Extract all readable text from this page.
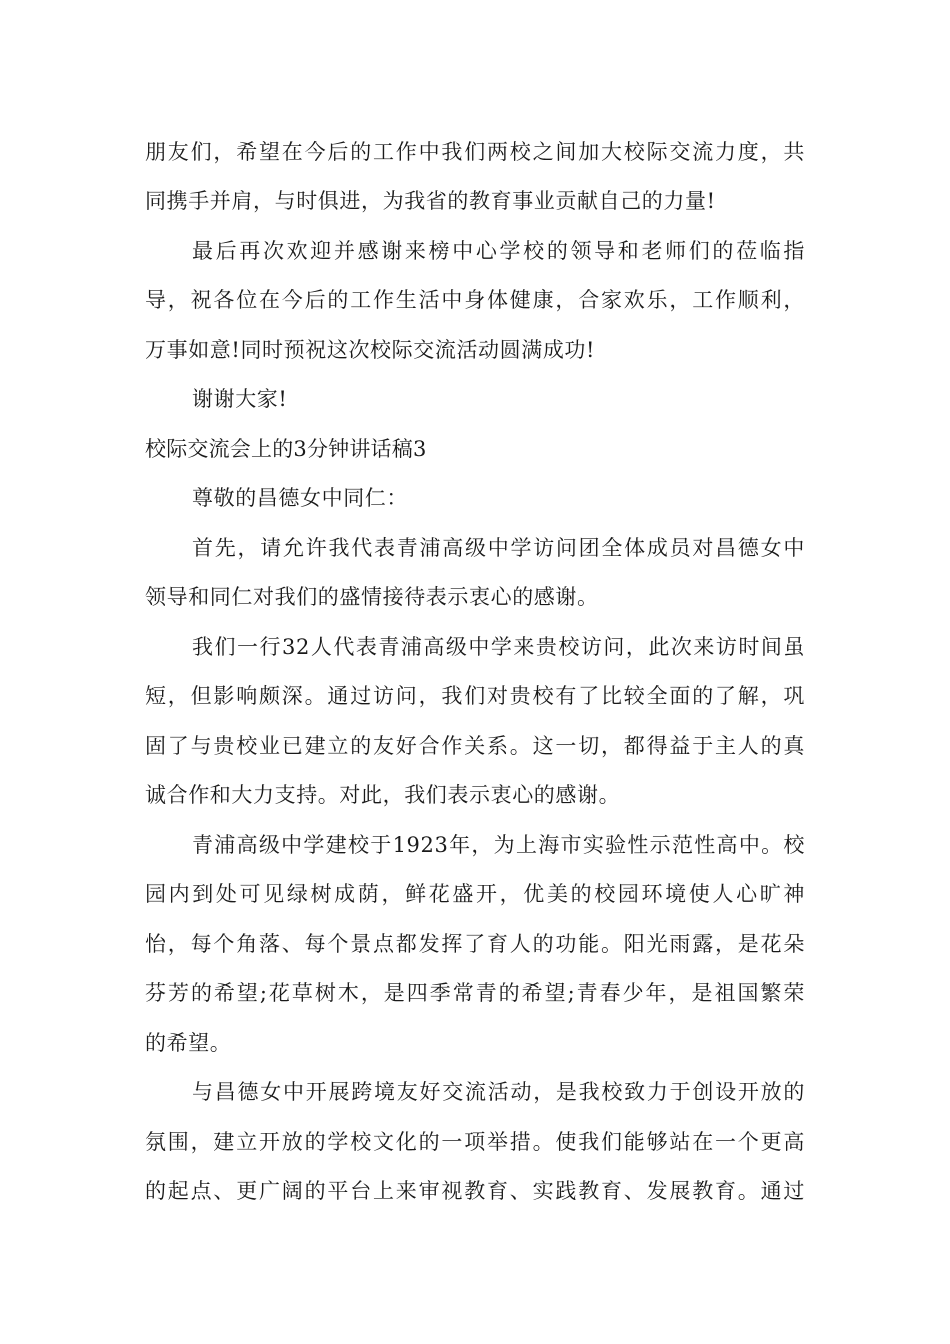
朋友们，希望在今后的工作中我们两校之间加大校际交流力度，共
同携手并肩，与时俱进，为我省的教育事业贡献自己的力量!
最后再次欢迎并感谢来榜中心学校的领导和老师们的莅临指
导，祝各位在今后的工作生活中身体健康，合家欢乐，工作顺利，
万事如意!同时预祝这次校际交流活动圆满成功!
谢谢大家!
校际交流会上的3分钟讲话稿3
尊敬的昌德女中同仁：
首先，请允许我代表青浦高级中学访问团全体成员对昌德女中
领导和同仁对我们的盛情接待表示衷心的感谢。
我们一行32人代表青浦高级中学来贵校访问，此次来访时间虽
短，但影响颇深。通过访问，我们对贵校有了比较全面的了解，巩
固了与贵校业已建立的友好合作关系。这一切，都得益于主人的真
诚合作和大力支持。对此，我们表示衷心的感谢。
青浦高级中学建校于1923年，为上海市实验性示范性高中。校
园内到处可见绿树成荫，鲜花盛开，优美的校园环境使人心旷神
怡，每个角落、每个景点都发挥了育人的功能。阳光雨露，是花朵
芬芳的希望;花草树木，是四季常青的希望;青春少年，是祖国繁荣
的希望。
与昌德女中开展跨境友好交流活动，是我校致力于创设开放的
氛围，建立开放的学校文化的一项举措。使我们能够站在一个更高
的起点、更广阔的平台上来审视教育、实践教育、发展教育。通过
